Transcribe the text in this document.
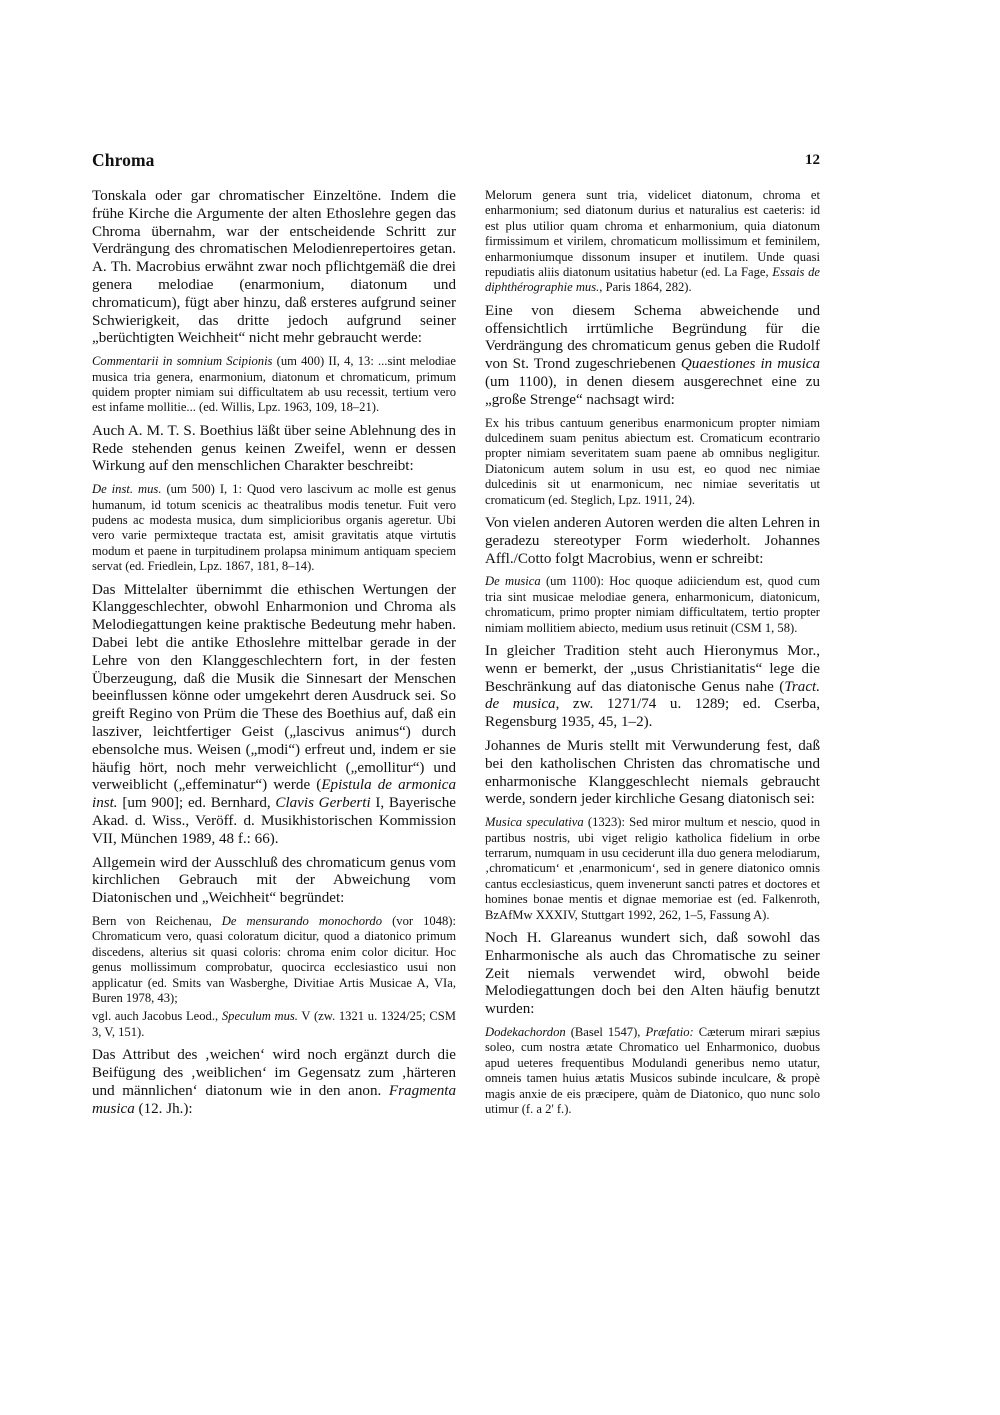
Chroma	12

Tonskala oder gar chromatischer Einzeltöne. Indem die frühe Kirche die Argumente der alten Ethoslehre gegen das Chroma übernahm, war der entscheidende Schritt zur Verdrängung des chromatischen Melodienrepertoires getan. A. Th. Macrobius erwähnt zwar noch pflichtgemäß die drei genera melodiae (enarmonium, diatonum und chromaticum), fügt aber hinzu, daß ersteres aufgrund seiner Schwierigkeit, das dritte jedoch aufgrund seiner „berüchtigten Weichheit“ nicht mehr gebraucht werde:

Commentarii in somnium Scipionis (um 400) II, 4, 13: ...sint melodiae musica tria genera, enarmonium, diatonum et chromaticum, primum quidem propter nimiam sui difficultatem ab usu recessit, tertium vero est infame mollitie... (ed. Willis, Lpz. 1963, 109, 18–21).

Auch A. M. T. S. Boethius läßt über seine Ablehnung des in Rede stehenden genus keinen Zweifel, wenn er dessen Wirkung auf den menschlichen Charakter beschreibt:

De inst. mus. (um 500) I, 1: Quod vero lascivum ac molle est genus humanum, id totum scenicis ac theatralibus modis tenetur. Fuit vero pudens ac modesta musica, dum simplicioribus organis ageretur. Ubi vero varie permixteque tractata est, amisit gravitatis atque virtutis modum et paene in turpitudinem prolapsa minimum antiquam speciem servat (ed. Friedlein, Lpz. 1867, 181, 8–14).

Das Mittelalter übernimmt die ethischen Wertungen der Klanggeschlechter, obwohl Enharmonion und Chroma als Melodiegattungen keine praktische Bedeutung mehr haben. Dabei lebt die antike Ethoslehre mittelbar gerade in der Lehre von den Klanggeschlechtern fort, in der festen Überzeugung, daß die Musik die Sinnesart der Menschen beeinflussen könne oder umgekehrt deren Ausdruck sei. So greift Regino von Prüm die These des Boethius auf, daß ein lasziver, leichtfertiger Geist („lascivus animus“) durch ebensolche mus. Weisen („modi“) erfreut und, indem er sie häufig hört, noch mehr verweichlicht („emollitur“) und verweiblicht („effeminatur“) werde (Epistula de armonica inst. [um 900]; ed. Bernhard, Clavis Gerberti I, Bayerische Akad. d. Wiss., Veröff. d. Musikhistorischen Kommission VII, München 1989, 48 f.: 66).

Allgemein wird der Ausschluß des chromaticum genus vom kirchlichen Gebrauch mit der Abweichung vom Diatonischen und „Weichheit“ begründet:

Bern von Reichenau, De mensurando monochordo (vor 1048): Chromaticum vero, quasi coloratum dicitur, quod a diatonico primum discedens, alterius sit quasi coloris: chroma enim color dicitur. Hoc genus mollissimum comprobatur, quocirca ecclesiastico usui non applicatur (ed. Smits van Wasberghe, Divitiae Artis Musicae A, VIa, Buren 1978, 43);

vgl. auch Jacobus Leod., Speculum mus. V (zw. 1321 u. 1324/25; CSM 3, V, 151).

Das Attribut des ‚weichen‘ wird noch ergänzt durch die Beifügung des ‚weiblichen‘ im Gegensatz zum ‚härteren und männlichen‘ diatonum wie in den anon. Fragmenta musica (12. Jh.):

Melorum genera sunt tria, videlicet diatonum, chroma et enharmonium; sed diatonum durius et naturalius est caeteris: id est plus utilior quam chroma et enharmonium, quia diatonum firmissimum et virilem, chromaticum mollissimum et feminilem, enharmoniumque dissonum insuper et inutilem. Unde quasi repudiatis aliis diatonum usitatius habetur (ed. La Fage, Essais de diphthérographie mus., Paris 1864, 282).

Eine von diesem Schema abweichende und offensichtlich irrtümliche Begründung für die Verdrängung des chromaticum genus geben die Rudolf von St. Trond zugeschriebenen Quaestiones in musica (um 1100), in denen diesem ausgerechnet eine zu „große Strenge“ nachsagt wird:

Ex his tribus cantuum generibus enarmonicum propter nimiam dulcedinem suam penitus abiectum est. Cromaticum econtrario propter nimiam severitatem suam paene ab omnibus negligitur. Diatonicum autem solum in usu est, eo quod nec nimiae dulcedinis sit ut enarmonicum, nec nimiae severitatis ut cromaticum (ed. Steglich, Lpz. 1911, 24).

Von vielen anderen Autoren werden die alten Lehren in geradezu stereotyper Form wiederholt. Johannes Affl./Cotto folgt Macrobius, wenn er schreibt:

De musica (um 1100): Hoc quoque adiiciendum est, quod cum tria sint musicae melodiae genera, enharmonicum, diatonicum, chromaticum, primo propter nimiam difficultatem, tertio propter nimiam mollitiem abiecto, medium usus retinuit (CSM 1, 58).

In gleicher Tradition steht auch Hieronymus Mor., wenn er bemerkt, der „usus Christianitatis“ lege die Beschränkung auf das diatonische Genus nahe (Tract. de musica, zw. 1271/74 u. 1289; ed. Cserba, Regensburg 1935, 45, 1–2).

Johannes de Muris stellt mit Verwunderung fest, daß bei den katholischen Christen das chromatische und enharmonische Klanggeschlecht niemals gebraucht werde, sondern jeder kirchliche Gesang diatonisch sei:

Musica speculativa (1323): Sed miror multum et nescio, quod in partibus nostris, ubi viget religio katholica fidelium in orbe terrarum, numquam in usu ceciderunt illa duo genera melodiarum, ‚chromaticum‘ et ‚enarmonicum‘, sed in genere diatonico omnis cantus ecclesiasticus, quem invenerunt sancti patres et doctores et homines bonae mentis et dignae memoriae est (ed. Falkenroth, BzAfMw XXXIV, Stuttgart 1992, 262, 1–5, Fassung A).

Noch H. Glareanus wundert sich, daß sowohl das Enharmonische als auch das Chromatische zu seiner Zeit niemals verwendet wird, obwohl beide Melodiegattungen doch bei den Alten häufig benutzt wurden:

Dodekachordon (Basel 1547), Præfatio: Cæterum mirari sæpius soleo, cum nostra ætate Chromatico uel Enharmonico, duobus apud ueteres frequentibus Modulandi generibus nemo utatur, omneis tamen huius ætatis Musicos subinde inculcare, & propè magis anxie de eis præcipere, quàm de Diatonico, quo nunc solo utimur (f. a 2' f.).
